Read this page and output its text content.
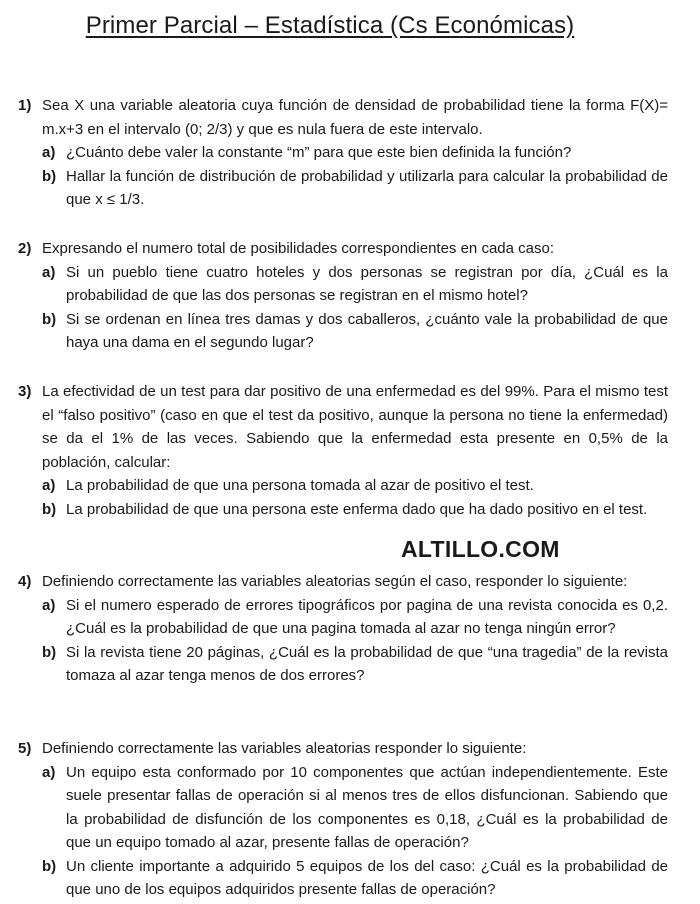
Primer Parcial – Estadística (Cs Económicas)
1) Sea X una variable aleatoria cuya función de densidad de probabilidad tiene la forma F(X)= m.x+3 en el intervalo (0; 2/3) y que es nula fuera de este intervalo.
a) ¿Cuánto debe valer la constante “m” para que este bien definida la función?
b) Hallar la función de distribución de probabilidad y utilizarla para calcular la probabilidad de que x ≤ 1/3.
2) Expresando el numero total de posibilidades correspondientes en cada caso:
a) Si un pueblo tiene cuatro hoteles y dos personas se registran por día, ¿Cuál es la probabilidad de que las dos personas se registran en el mismo hotel?
b) Si se ordenan en línea tres damas y dos caballeros, ¿cuánto vale la probabilidad de que haya una dama en el segundo lugar?
3) La efectividad de un test para dar positivo de una enfermedad es del 99%. Para el mismo test el “falso positivo” (caso en que el test da positivo, aunque la persona no tiene la enfermedad) se da el 1% de las veces. Sabiendo que la enfermedad esta presente en 0,5% de la población, calcular:
a) La probabilidad de que una persona tomada al azar de positivo el test.
b) La probabilidad de que una persona este enferma dado que ha dado positivo en el test.
ALTILLO.COM
4) Definiendo correctamente las variables aleatorias según el caso, responder lo siguiente:
a) Si el numero esperado de errores tipográficos por pagina de una revista conocida es 0,2. ¿Cuál es la probabilidad de que una pagina tomada al azar no tenga ningún error?
b) Si la revista tiene 20 páginas, ¿Cuál es la probabilidad de que “una tragedia” de la revista tomaza al azar tenga menos de dos errores?
5) Definiendo correctamente las variables aleatorias responder lo siguiente:
a) Un equipo esta conformado por 10 componentes que actúan independientemente. Este suele presentar fallas de operación si al menos tres de ellos disfuncionan. Sabiendo que la probabilidad de disfunción de los componentes es 0,18, ¿Cuál es la probabilidad de que un equipo tomado al azar, presente fallas de operación?
b) Un cliente importante a adquirido 5 equipos de los del caso: ¿Cuál es la probabilidad de que uno de los equipos adquiridos presente fallas de operación?
